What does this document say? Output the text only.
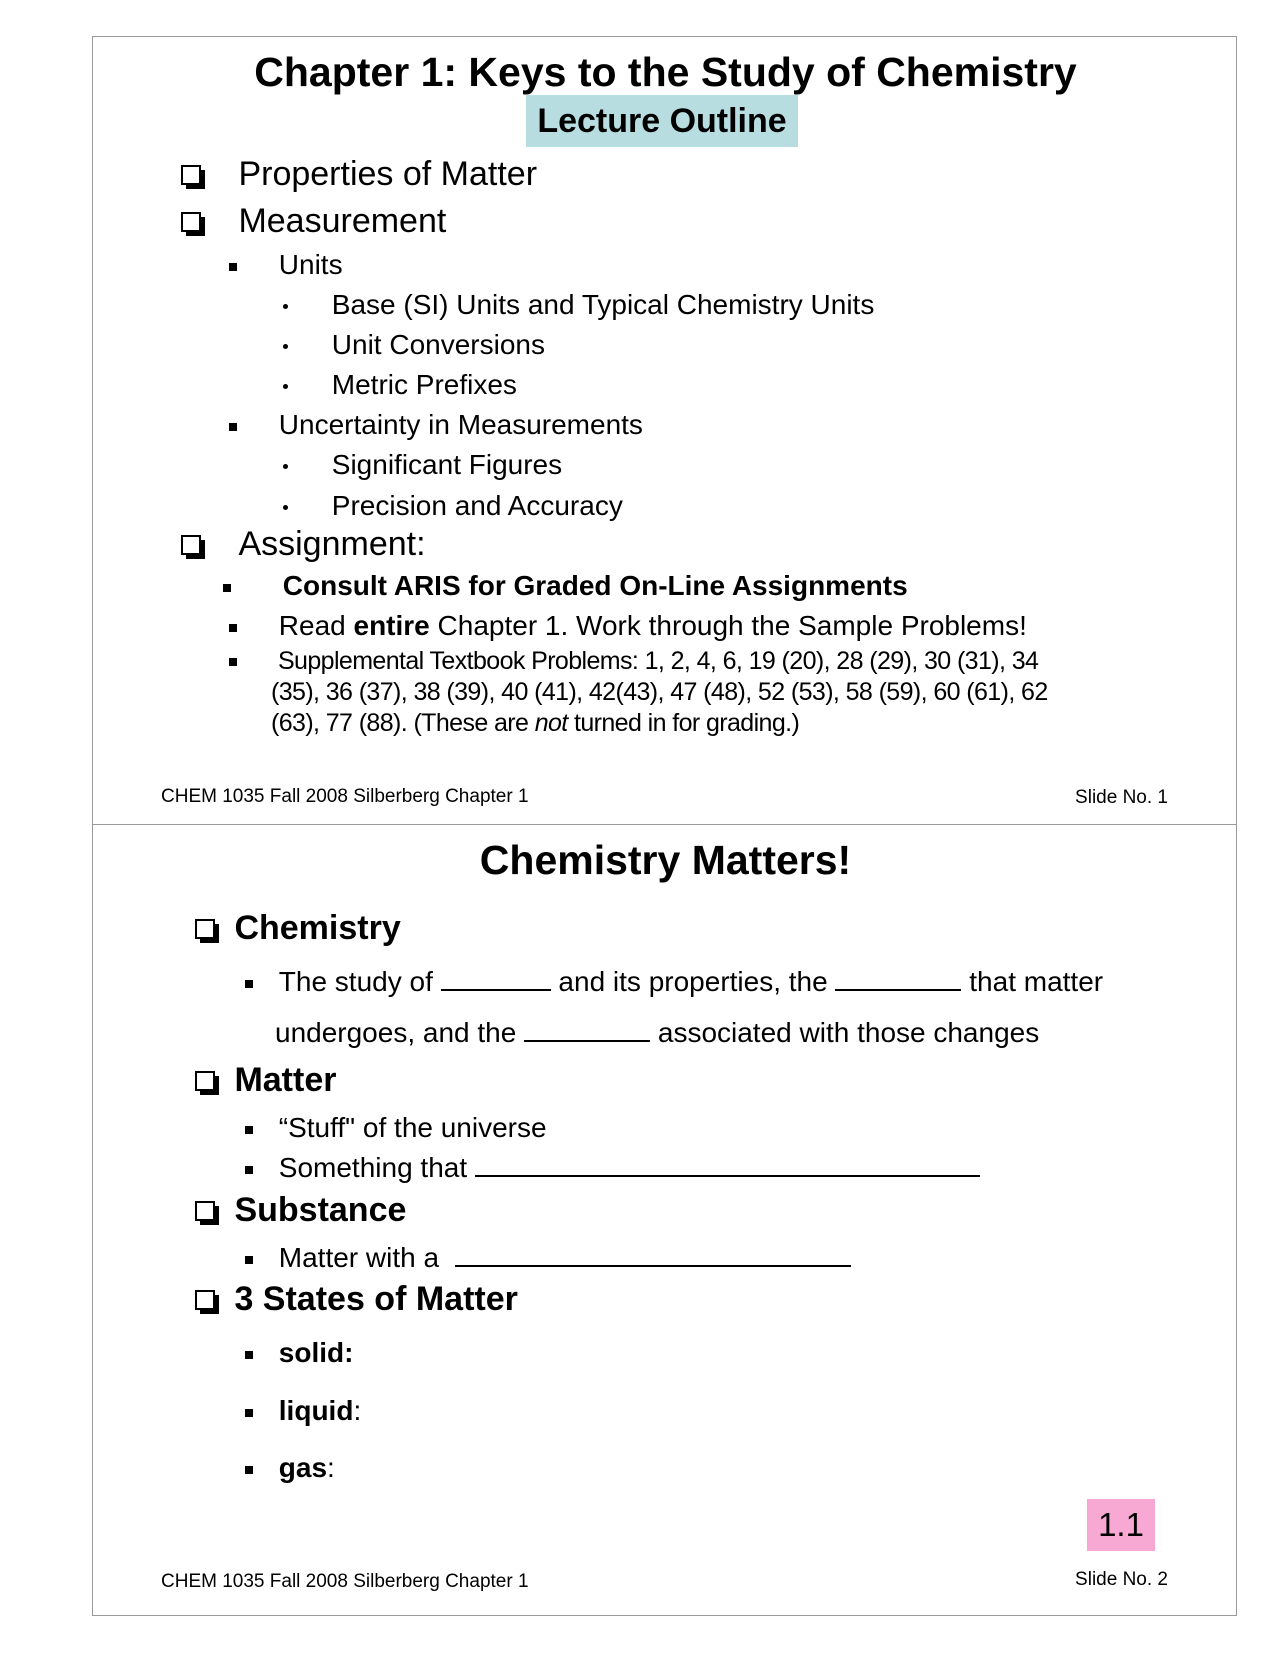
Chapter 1: Keys to the Study of Chemistry
Lecture Outline
Properties of Matter
Measurement
Units
Base (SI) Units and Typical Chemistry Units
Unit Conversions
Metric Prefixes
Uncertainty in Measurements
Significant Figures
Precision and Accuracy
Assignment:
Consult ARIS for Graded On-Line Assignments
Read entire Chapter 1. Work through the Sample Problems!
Supplemental Textbook Problems: 1, 2, 4, 6, 19 (20), 28 (29), 30 (31), 34
(35), 36 (37), 38 (39), 40 (41), 42(43), 47 (48), 52 (53), 58 (59), 60 (61), 62
(63), 77 (88). (These are not turned in for grading.)
CHEM 1035 Fall 2008 Silberberg Chapter 1	Slide No. 1
Chemistry Matters!
Chemistry
The study of	and its properties, the	that matter
undergoes, and the	associated with those changes
Matter
“Stuff" of the universe
Something that
Substance
Matter with a
3 States of Matter
solid:
liquid:
gas:
1.1
CHEM 1035 Fall 2008 Silberberg Chapter 1	Slide No. 2
